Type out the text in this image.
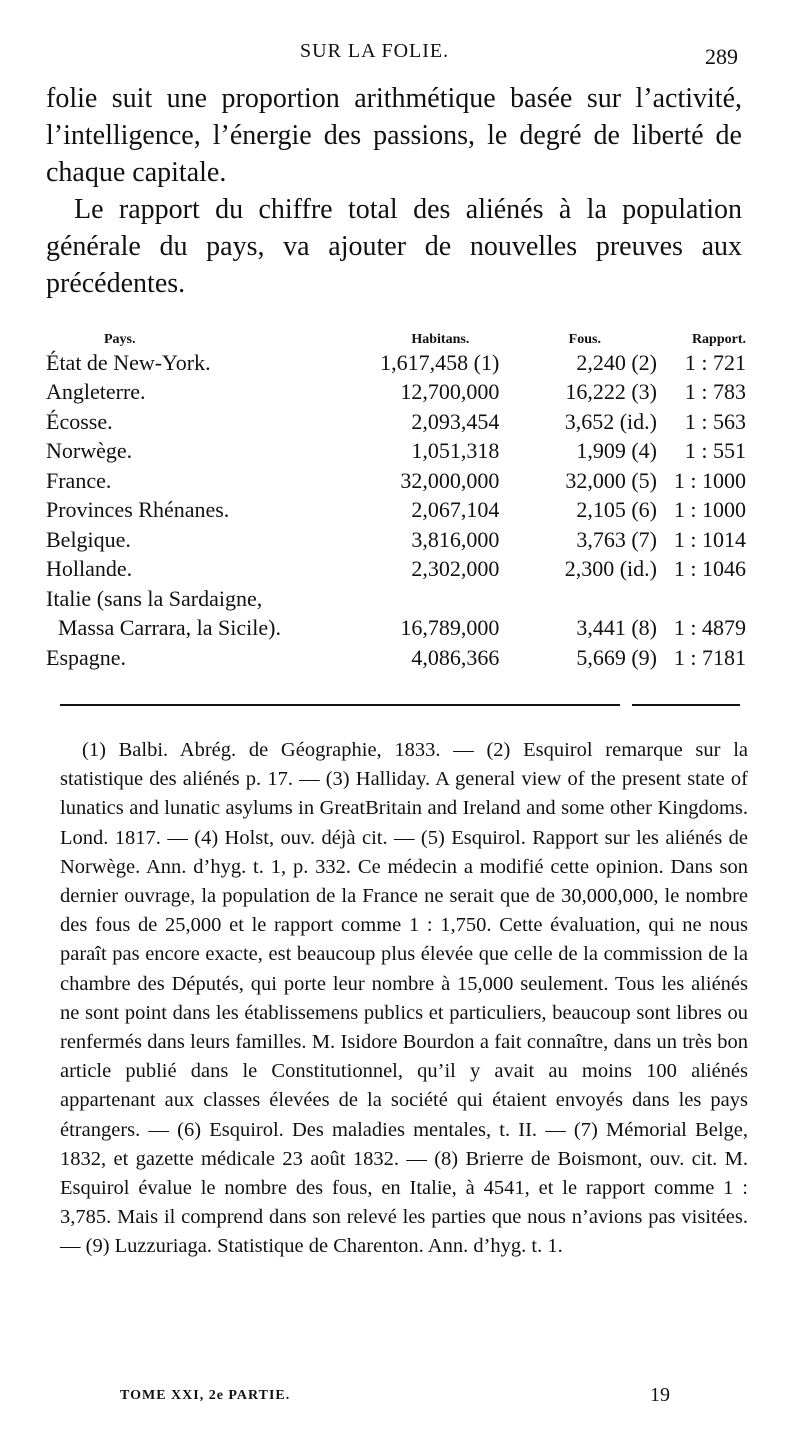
SUR LA FOLIE.	289

folie suit une proportion arithmétique basée sur l’activité, l’intelligence, l’énergie des passions, le degré de liberté de chaque capitale.

Le rapport du chiffre total des aliénés à la population générale du pays, va ajouter de nouvelles preuves aux précédentes.

Pays.	Habitans.	Fous.	Rapport.
État de New-York.	1,617,458 (1)	2,240 (2)	1 : 721
Angleterre.	12,700,000	16,222 (3)	1 : 783
Écosse.	2,093,454	3,652 (id.)	1 : 563
Norwège.	1,051,318	1,909 (4)	1 : 551
France.	32,000,000	32,000 (5)	1 : 1000
Provinces Rhénanes.	2,067,104	2,105 (6)	1 : 1000
Belgique.	3,816,000	3,763 (7)	1 : 1014
Hollande.	2,302,000	2,300 (id.)	1 : 1046
Italie (sans la Sardaigne,			
Massa Carrara, la Sicile).	16,789,000	3,441 (8)	1 : 4879
Espagne.	4,086,366	5,669 (9)	1 : 7181

(1) Balbi. Abrég. de Géographie, 1833. — (2) Esquirol remarque sur la statistique des aliénés p. 17. — (3) Halliday. A general view of the present state of lunatics and lunatic asylums in GreatBritain and Ireland and some other Kingdoms. Lond. 1817. — (4) Holst, ouv. déjà cit. — (5) Esquirol. Rapport sur les aliénés de Norwège. Ann. d’hyg. t. 1, p. 332. Ce médecin a modifié cette opinion. Dans son dernier ouvrage, la population de la France ne serait que de 30,000,000, le nombre des fous de 25,000 et le rapport comme 1 : 1,750. Cette évaluation, qui ne nous paraît pas encore exacte, est beaucoup plus élevée que celle de la commission de la chambre des Députés, qui porte leur nombre à 15,000 seulement. Tous les aliénés ne sont point dans les établissemens publics et particuliers, beaucoup sont libres ou renfermés dans leurs familles. M. Isidore Bourdon a fait connaître, dans un très bon article publié dans le Constitutionnel, qu’il y avait au moins 100 aliénés appartenant aux classes élevées de la société qui étaient envoyés dans les pays étrangers. — (6) Esquirol. Des maladies mentales, t. II. — (7) Mémorial Belge, 1832, et gazette médicale 23 août 1832. — (8) Brierre de Boismont, ouv. cit. M. Esquirol évalue le nombre des fous, en Italie, à 4541, et le rapport comme 1 : 3,785. Mais il comprend dans son relevé les parties que nous n’avions pas visitées. — (9) Luzzuriaga. Statistique de Charenton. Ann. d’hyg. t. 1.

TOME XXI, 2e PARTIE.	19
